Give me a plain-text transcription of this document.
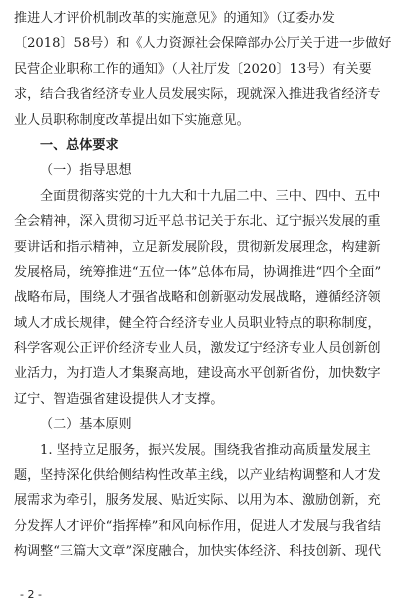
推进人才评价机制改革的实施意见》的通知》（辽委办发
〔2018〕58号）和《人力资源社会保障部办公厅关于进一步做好
民营企业职称工作的通知》（人社厅发〔2020〕13号）有关要
求，结合我省经济专业人员发展实际，现就深入推进我省经济专
业人员职称制度改革提出如下实施意见。
一、总体要求
（一）指导思想
全面贯彻落实党的十九大和十九届二中、三中、四中、五中
全会精神，深入贯彻习近平总书记关于东北、辽宁振兴发展的重
要讲话和指示精神，立足新发展阶段，贯彻新发展理念，构建新
发展格局，统筹推进“五位一体”总体布局，协调推进“四个全面”
战略布局，围绕人才强省战略和创新驱动发展战略，遵循经济领
域人才成长规律，健全符合经济专业人员职业特点的职称制度，
科学客观公正评价经济专业人员，激发辽宁经济专业人员创新创
业活力，为打造人才集聚高地，建设高水平创新省份，加快数字
辽宁、智造强省建设提供人才支撑。
（二）基本原则
1. 坚持立足服务，振兴发展。围绕我省推动高质量发展主
题，坚持深化供给侧结构性改革主线，以产业结构调整和人才发
展需求为牵引，服务发展、贴近实际、以用为本、激励创新，充
分发挥人才评价“指挥棒”和风向标作用，促进人才发展与我省结
构调整“三篇大文章”深度融合，加快实体经济、科技创新、现代
- 2 -
